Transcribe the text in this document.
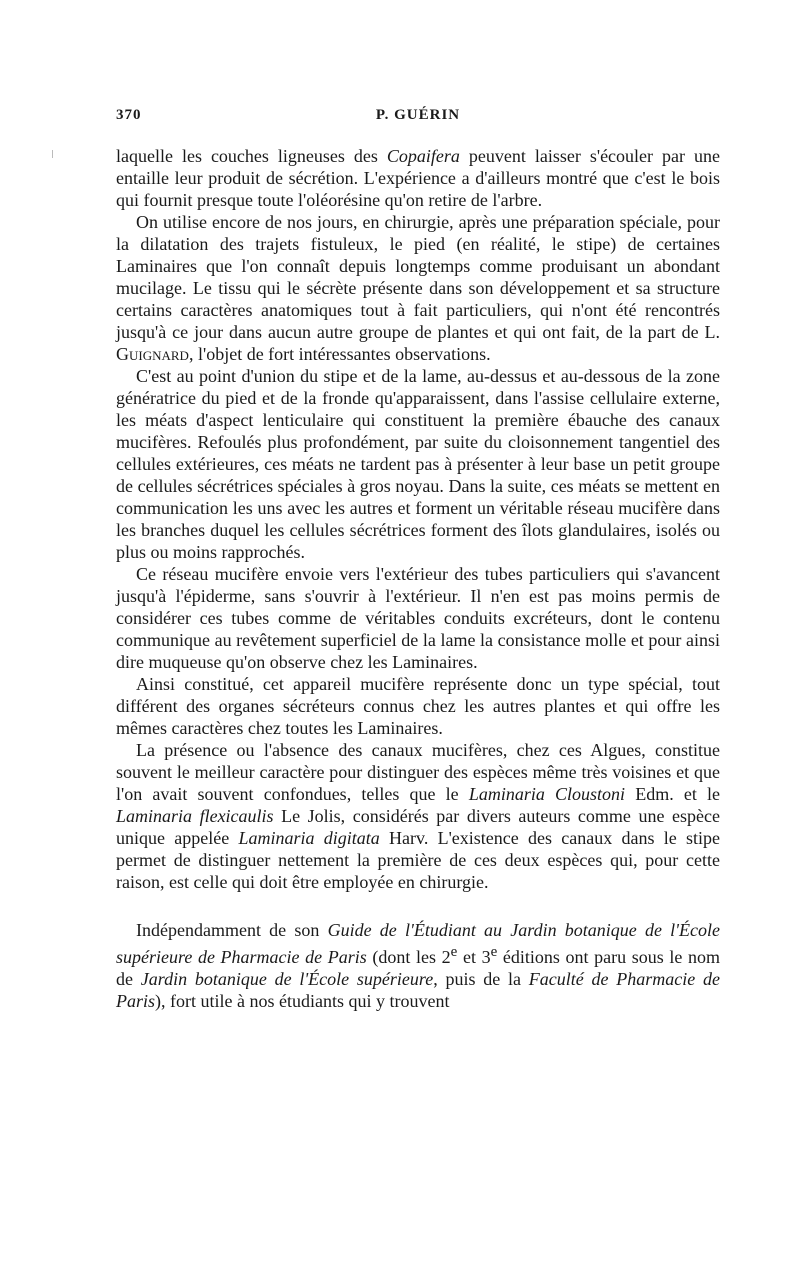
370	P. GUÉRIN

laquelle les couches ligneuses des Copaifera peuvent laisser s'écouler par une entaille leur produit de sécrétion. L'expérience a d'ailleurs montré que c'est le bois qui fournit presque toute l'oléorésine qu'on retire de l'arbre.

On utilise encore de nos jours, en chirurgie, après une préparation spéciale, pour la dilatation des trajets fistuleux, le pied (en réalité, le stipe) de certaines Laminaires que l'on connaît depuis longtemps comme produisant un abondant mucilage. Le tissu qui le sécrète présente dans son développement et sa structure certains caractères anatomiques tout à fait particuliers, qui n'ont été rencontrés jusqu'à ce jour dans aucun autre groupe de plantes et qui ont fait, de la part de L. Guignard, l'objet de fort intéressantes observations.

C'est au point d'union du stipe et de la lame, au-dessus et au-dessous de la zone génératrice du pied et de la fronde qu'apparaissent, dans l'assise cellulaire externe, les méats d'aspect lenticulaire qui constituent la première ébauche des canaux mucifères. Refoulés plus profondément, par suite du cloisonnement tangentiel des cellules extérieures, ces méats ne tardent pas à présenter à leur base un petit groupe de cellules sécrétrices spéciales à gros noyau. Dans la suite, ces méats se mettent en communication les uns avec les autres et forment un véritable réseau mucifère dans les branches duquel les cellules sécrétrices forment des îlots glandulaires, isolés ou plus ou moins rapprochés.

Ce réseau mucifère envoie vers l'extérieur des tubes particuliers qui s'avancent jusqu'à l'épiderme, sans s'ouvrir à l'extérieur. Il n'en est pas moins permis de considérer ces tubes comme de véritables conduits excréteurs, dont le contenu communique au revêtement superficiel de la lame la consistance molle et pour ainsi dire muqueuse qu'on observe chez les Laminaires.

Ainsi constitué, cet appareil mucifère représente donc un type spécial, tout différent des organes sécréteurs connus chez les autres plantes et qui offre les mêmes caractères chez toutes les Laminaires.

La présence ou l'absence des canaux mucifères, chez ces Algues, constitue souvent le meilleur caractère pour distinguer des espèces même très voisines et que l'on avait souvent confondues, telles que le Laminaria Cloustoni Edm. et le Laminaria flexicaulis Le Jolis, considérés par divers auteurs comme une espèce unique appelée Laminaria digitata Harv. L'existence des canaux dans le stipe permet de distinguer nettement la première de ces deux espèces qui, pour cette raison, est celle qui doit être employée en chirurgie.

Indépendamment de son Guide de l'Étudiant au Jardin botanique de l'École supérieure de Pharmacie de Paris (dont les 2e et 3e éditions ont paru sous le nom de Jardin botanique de l'École supérieure, puis de la Faculté de Pharmacie de Paris), fort utile à nos étudiants qui y trouvent
